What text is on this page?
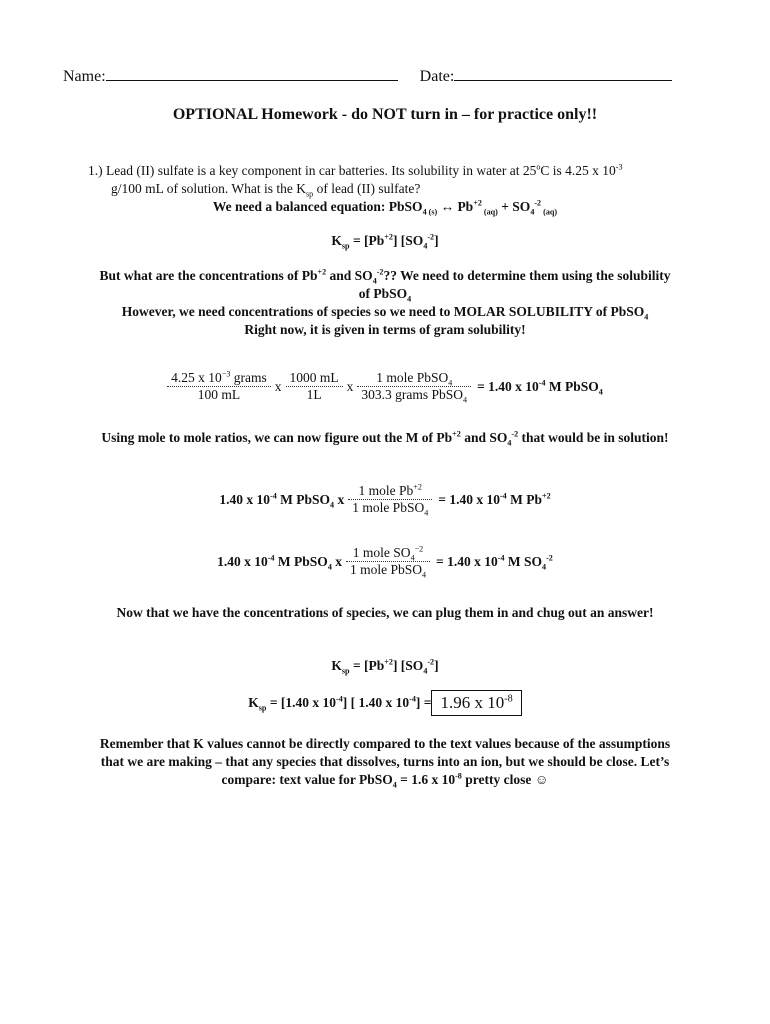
Name:	Date:
OPTIONAL Homework - do NOT turn in – for practice only!!
1.) Lead (II) sulfate is a key component in car batteries. Its solubility in water at 25$^o$C is 4.25 x $10^{-3}$
g/100 mL of solution. What is the $K_{sp}$ of lead (II) sulfate?
We need a balanced equation: PbSO$_4$ $_{(s)}$ ↔ $Pb^{+2}$ $_{(aq)} + SO_4^{-2}$ $_{(aq)}$
$K_{sp} = [Pb^{+2}]$ $[SO_4^{-2}]$
But what are the concentrations of $Pb^{+2}$ and $SO_4^{-2}$?? We need to determine them using the solubility
of PbSO$_4$
However, we need concentrations of species so we need to MOLAR SOLUBILITY of PbSO$_4$
Right now, it is given in terms of gram solubility!
$\frac{4.25 x 10^{-3} grams}{100 mL}$ x $\frac{1000 mL}{1L}$ x $\frac{1 mole PbSO_4}{303.3 grams PbSO_4} = 1.40$ x $10^{-4}$ M PbSO$_4$
Using mole to mole ratios, we can now figure out the M of $Pb^{+2}$ and $SO_4^{-2}$ that would be in solution!
1.40 x $10^{-4}$ M PbSO$_4$ x $\frac{1 mole Pb^{+2}}{1 mole PbSO_4} = 1.40$ x $10^{-4}$ M $Pb^{+2}$
1.40 x $10^{-4}$ M PbSO$_4$ x $\frac{1 mole SO_4^{-2}}{1 mole PbSO_4} = 1.40$ x $10^{-4}$ M $SO_4^{-2}$
Now that we have the concentrations of species, we can plug them in and chug out an answer!
$K_{sp} = [Pb^{+2}]$ $[SO_4^{-2}]$
$K_{sp} = [1.40$ x $10^{-4}$] [ 1.40 x $10^{-4}] = 1.96$ x $10^{-8}$
Remember that K values cannot be directly compared to the text values because of the assumptions
that we are making – that any species that dissolves, turns into an ion, but we should be close. Let’s
compare: text value for PbSO$_4$ = 1.6 x $10^{-8}$ pretty close ☺
